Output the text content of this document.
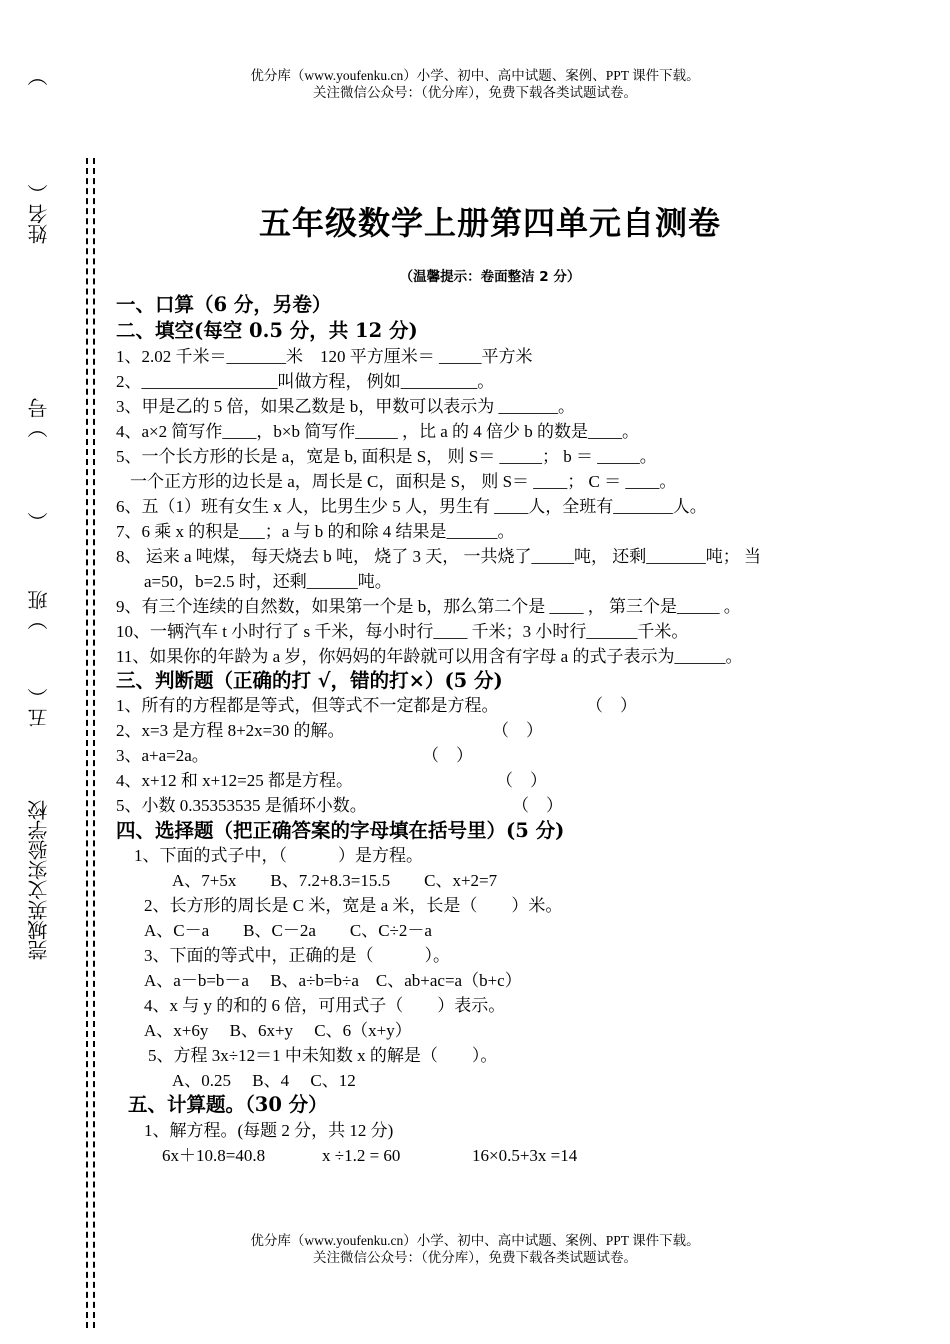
优分库（www.youfenku.cn）小学、初中、高中试题、案例、PPT 课件下载。
关注微信公众号：（优分库），免费下载各类试题试卷。
）
姓名（
）号
（
）班
五（
莞城英文实验学校
五年级数学上册第四单元自测卷
（温馨提示：卷面整洁 2 分）
一、口算（6 分，另卷）
二、填空(每空 0.5 分，共 12 分)
1、2.02 千米＝_______米　120 平方厘米＝ _____平方米
2、________________叫做方程， 例如_________。
3、甲是乙的 5 倍，如果乙数是 b，甲数可以表示为 _______。
4、a×2 简写作____，b×b 简写作_____ ，比 a 的 4 倍少 b 的数是____。
5、一个长方形的长是 a，宽是 b, 面积是 S， 则 S＝ _____； b ＝ _____。
一个正方形的边长是 a，周长是 C，面积是 S， 则 S＝ ____； C ＝ ____。
6、五（1）班有女生 x 人，比男生少 5 人，男生有 ____人，全班有_______人。
7、6 乘 x 的积是___；a 与 b 的和除 4 结果是______。
8、 运来 a 吨煤， 每天烧去 b 吨， 烧了 3 天， 一共烧了_____吨， 还剩_______吨； 当
a=50，b=2.5 时，还剩______吨。
9、有三个连续的自然数，如果第一个是 b，那么第二个是 ____ ， 第三个是_____ 。
10、一辆汽车 t 小时行了 s 千米，每小时行____ 千米；3 小时行______千米。
11、如果你的年龄为 a 岁，你妈妈的年龄就可以用含有字母 a 的式子表示为______。
三、判断题（正确的打 √，错的打×）(5 分)
1、所有的方程都是等式，但等式不一定都是方程。	（　）
2、x=3 是方程 8+2x=30 的解。	（　）
3、a+a=2a。	（　）
4、x+12 和 x+12=25 都是方程。	（　）
5、小数 0.35353535 是循环小数。	（　）
四、选择题（把正确答案的字母填在括号里）(5 分)
1、下面的式子中，（　　　）是方程。
A、7+5x　　B、7.2+8.3=15.5　　C、x+2=7
2、长方形的周长是 C 米，宽是 a 米，长是（　　）米。
A、C－a　　B、C－2a　　C、C÷2－a
3、下面的等式中，正确的是（　　　）。
A、a－b=b－a　 B、a÷b=b÷a　C、ab+ac=a（b+c）
4、x 与 y 的和的 6 倍，可用式子（　　）表示。
A、x+6y　 B、6x+y　 C、6（x+y）
5、方程 3x÷12＝1 中未知数 x 的解是（　　）。
A、0.25　 B、4　 C、12
五、计算题。（30 分）
1、解方程。(每题 2 分，共 12 分)
6x＋10.8=40.8	x ÷1.2 = 60	16×0.5+3x =14
优分库（www.youfenku.cn）小学、初中、高中试题、案例、PPT 课件下载。
关注微信公众号：（优分库），免费下载各类试题试卷。
